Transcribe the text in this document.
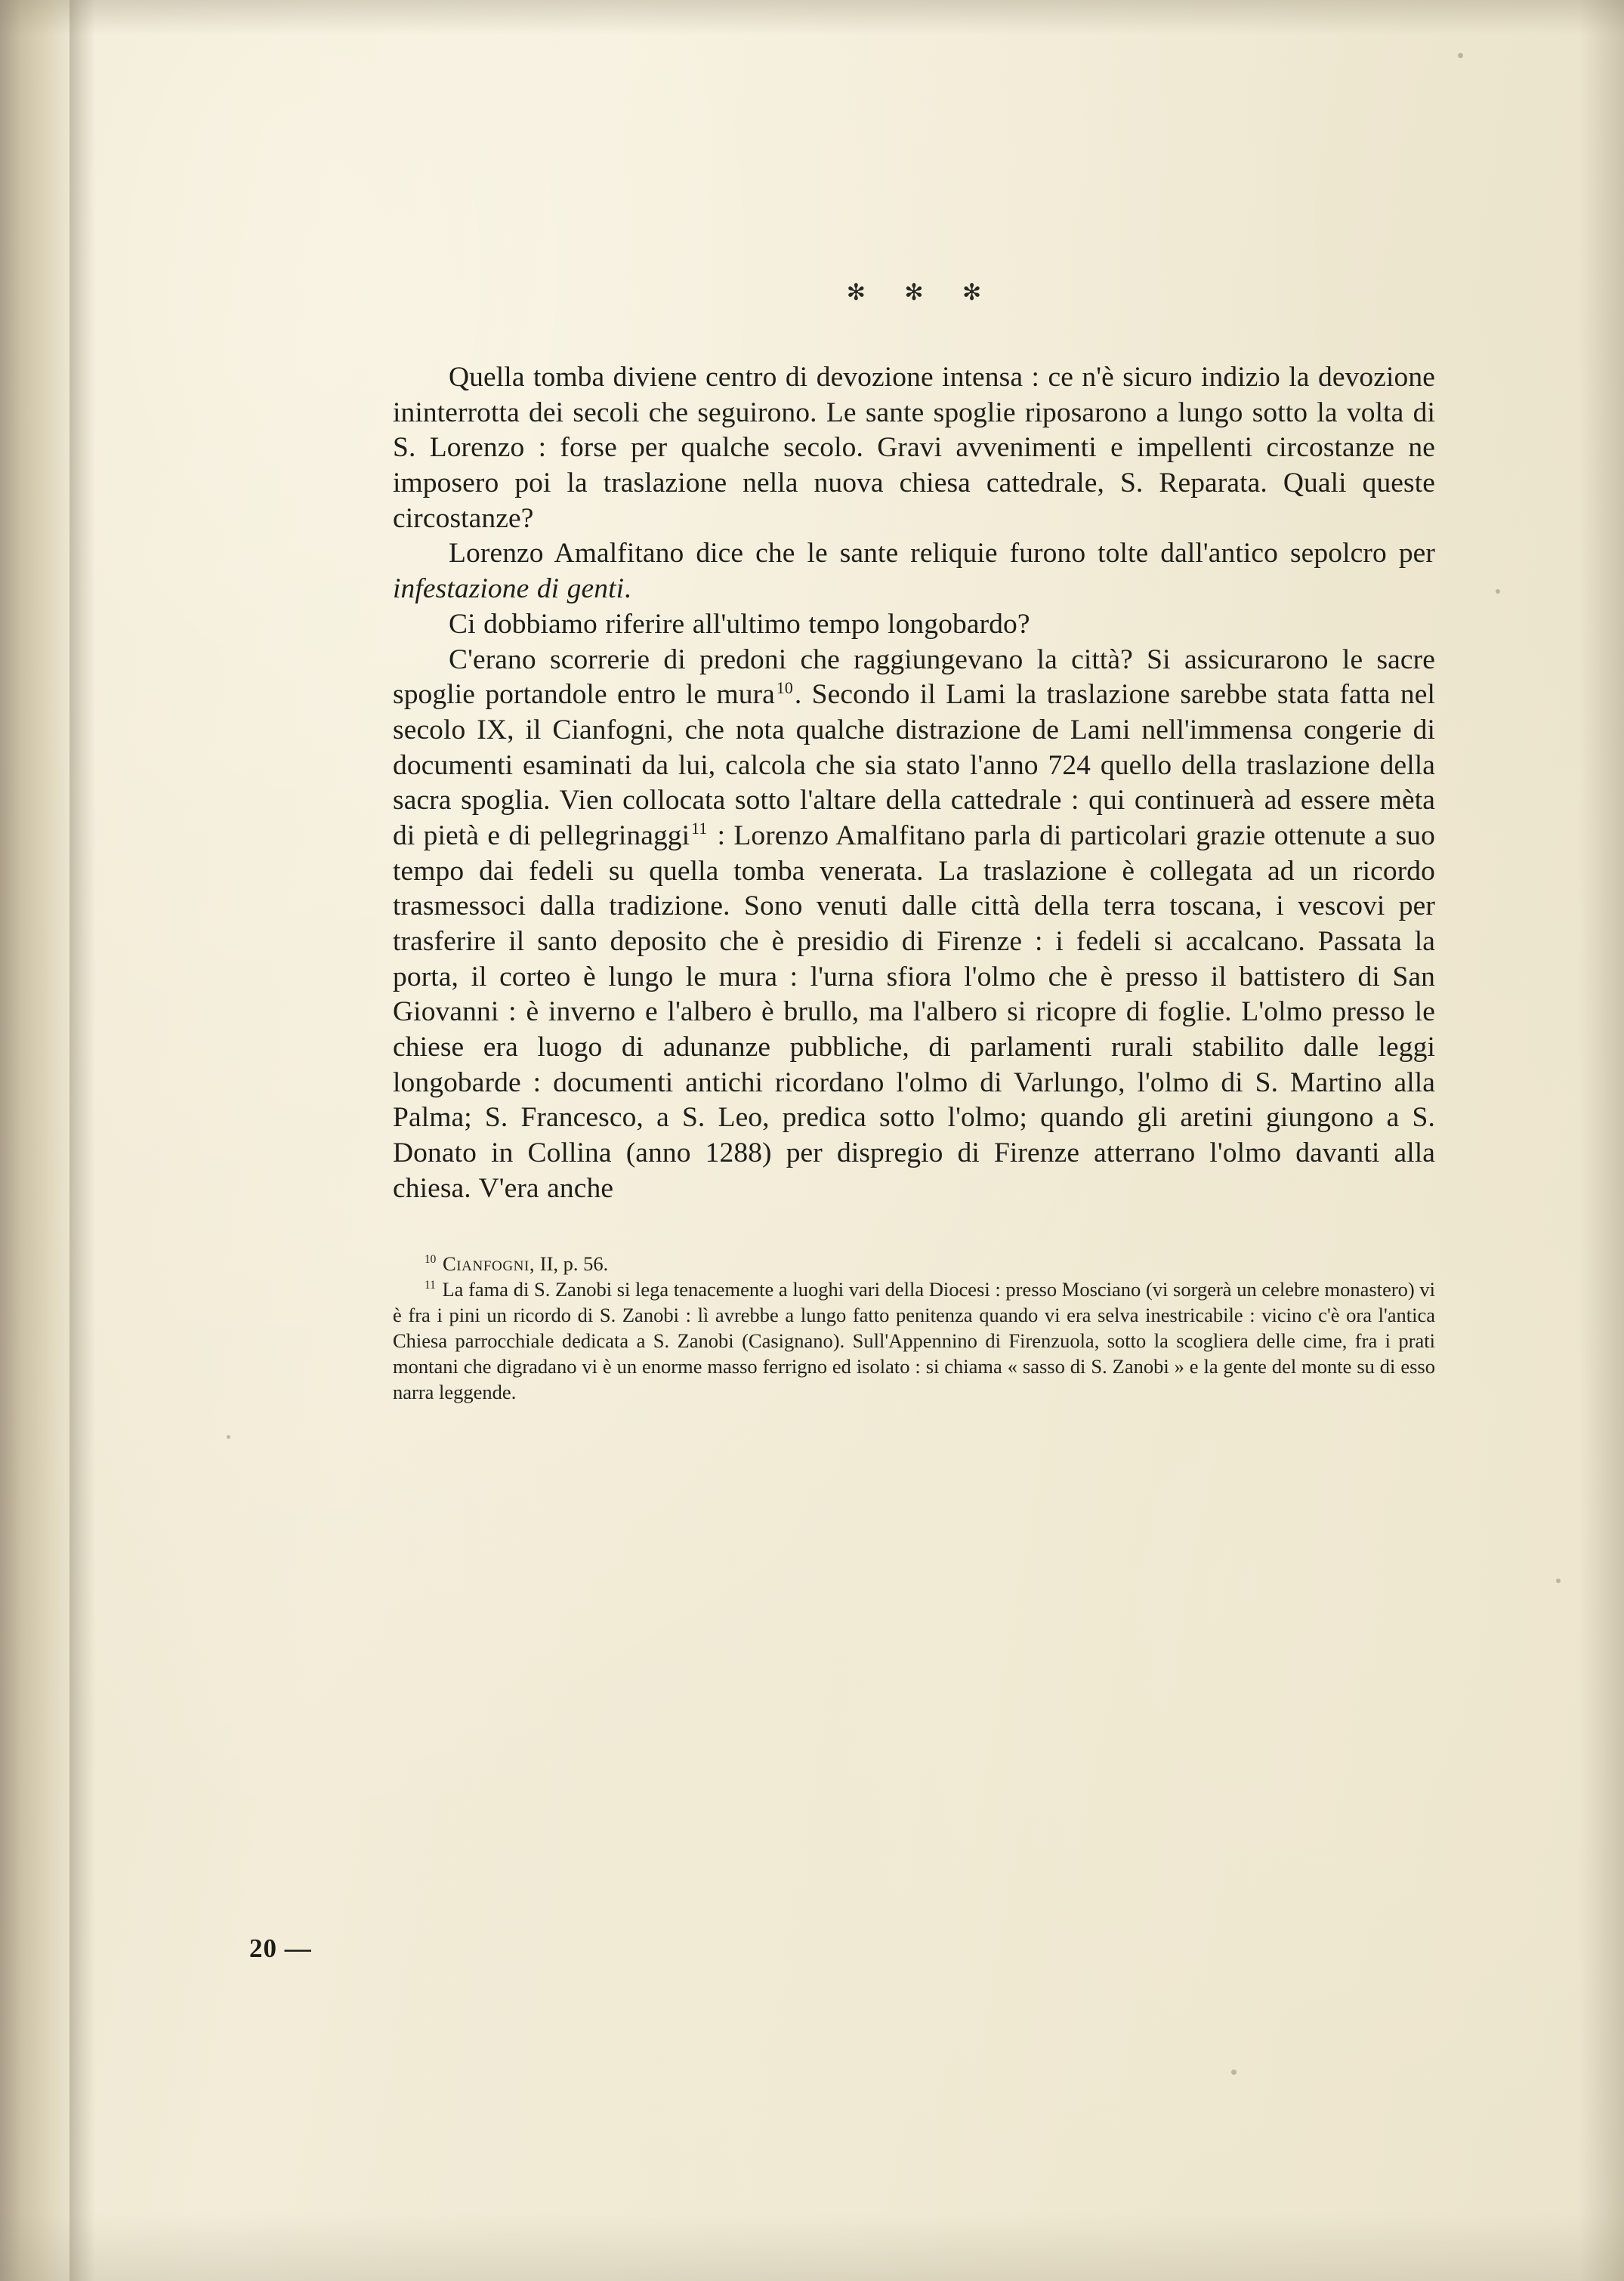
✻ ✻ ✻

Quella tomba diviene centro di devozione intensa : ce n'è sicuro indizio la devozione ininterrotta dei secoli che seguirono. Le sante spoglie riposarono a lungo sotto la volta di S. Lorenzo : forse per qualche secolo. Gravi avvenimenti e impellenti circostanze ne imposero poi la traslazione nella nuova chiesa cattedrale, S. Reparata. Quali queste circostanze?

Lorenzo Amalfitano dice che le sante reliquie furono tolte dall'antico sepolcro per infestazione di genti.

Ci dobbiamo riferire all'ultimo tempo longobardo?

C'erano scorrerie di predoni che raggiungevano la città? Si assicurarono le sacre spoglie portandole entro le mura$^{10}$. Secondo il Lami la traslazione sarebbe stata fatta nel secolo IX, il Cianfogni, che nota qualche distrazione de Lami nell'immensa congerie di documenti esaminati da lui, calcola che sia stato l'anno 724 quello della traslazione della sacra spoglia. Vien collocata sotto l'altare della cattedrale : qui continuerà ad essere mèta di pietà e di pellegrinaggi$^{11}$ : Lorenzo Amalfitano parla di particolari grazie ottenute a suo tempo dai fedeli su quella tomba venerata. La traslazione è collegata ad un ricordo trasmessoci dalla tradizione. Sono venuti dalle città della terra toscana, i vescovi per trasferire il santo deposito che è presidio di Firenze : i fedeli si accalcano. Passata la porta, il corteo è lungo le mura : l'urna sfiora l'olmo che è presso il battistero di San Giovanni : è inverno e l'albero è brullo, ma l'albero si ricopre di foglie. L'olmo presso le chiese era luogo di adunanze pubbliche, di parlamenti rurali stabilito dalle leggi longobarde : documenti antichi ricordano l'olmo di Varlungo, l'olmo di S. Martino alla Palma; S. Francesco, a S. Leo, predica sotto l'olmo; quando gli aretini giungono a S. Donato in Collina (anno 1288) per dispregio di Firenze atterrano l'olmo davanti alla chiesa. V'era anche

$^{10}$ Cianfogni, II, p. 56.

$^{11}$ La fama di S. Zanobi si lega tenacemente a luoghi vari della Diocesi : presso Mosciano (vi sorgerà un celebre monastero) vi è fra i pini un ricordo di S. Zanobi : lì avrebbe a lungo fatto penitenza quando vi era selva inestricabile : vicino c'è ora l'antica Chiesa parrocchiale dedicata a S. Zanobi (Casignano). Sull'Appennino di Firenzuola, sotto la scogliera delle cime, fra i prati montani che digradano vi è un enorme masso ferrigno ed isolato : si chiama « sasso di S. Zanobi » e la gente del monte su di esso narra leggende.

20 —
